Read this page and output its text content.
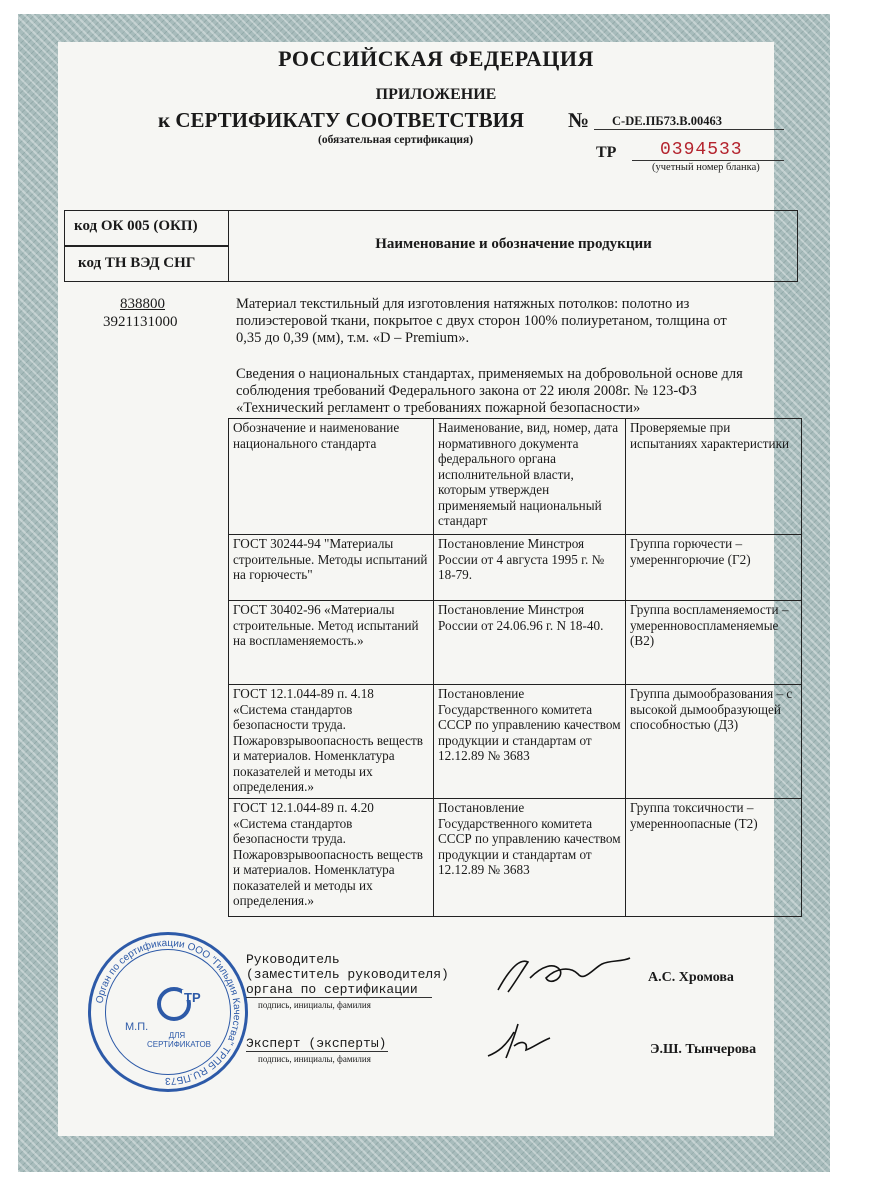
РОССИЙСКАЯ ФЕДЕРАЦИЯ
ПРИЛОЖЕНИЕ
к СЕРТИФИКАТУ СООТВЕТСТВИЯ №	C-DE.ПБ73.В.00463
(обязательная сертификация)
ТР	0394533
(учетный номер бланка)
код ОК 005 (ОКП)
код ТН ВЭД СНГ
Наименование и обозначение продукции
838800
3921131000
Материал текстильный для изготовления натяжных потолков: полотно из
полиэстеровой ткани, покрытое с двух сторон 100% полиуретаном, толщина от
0,35 до 0,39 (мм), т.м. «D – Premium».
Сведения о национальных стандартах, применяемых на добровольной основе для
соблюдения требований Федерального закона от 22 июля 2008г. № 123-ФЗ
«Технический регламент о требованиях пожарной безопасности»
Обозначение и наименование национального стандарта	Наименование, вид, номер, дата нормативного документа федерального органа исполнительной власти, которым утвержден применяемый национальный стандарт	Проверяемые при испытаниях характеристики
ГОСТ 30244-94 "Материалы строительные. Методы испытаний на горючесть"	Постановление Минстроя России от 4 августа 1995 г. № 18-79.	Группа горючести – умереннгорючие (Г2)
ГОСТ 30402-96 «Материалы строительные. Метод испытаний на воспламеняемость.»	Постановление Минстроя России от 24.06.96 г. N 18-40.	Группа воспламеняемости – умеренновоспламеняемые (В2)
ГОСТ 12.1.044-89 п. 4.18 «Система стандартов безопасности труда. Пожаровзрывоопасность веществ и материалов. Номенклатура показателей и методы их определения.»	Постановление Государственного комитета СССР по управлению качеством продукции и стандартам от 12.12.89 № 3683	Группа дымообразования – с высокой дымообразующей способностью (Д3)
ГОСТ 12.1.044-89 п. 4.20 «Система стандартов безопасности труда. Пожаровзрывоопасность веществ и материалов. Номенклатура показателей и методы их определения.»	Постановление Государственного комитета СССР по управлению качеством продукции и стандартам от 12.12.89 № 3683	Группа токсичности – умеренноопасные (Т2)
Орган по сертификации ООО "Гильдия Качества" ТРПБ RU.ПБ73
ТР
М.П.
ДЛЯ СЕРТИФИКАТОВ
Руководитель
(заместитель руководителя)
органа по сертификации
подпись, инициалы, фамилия
А.С. Хромова
Эксперт (эксперты)
подпись, инициалы, фамилия
Э.Ш. Тынчерова
